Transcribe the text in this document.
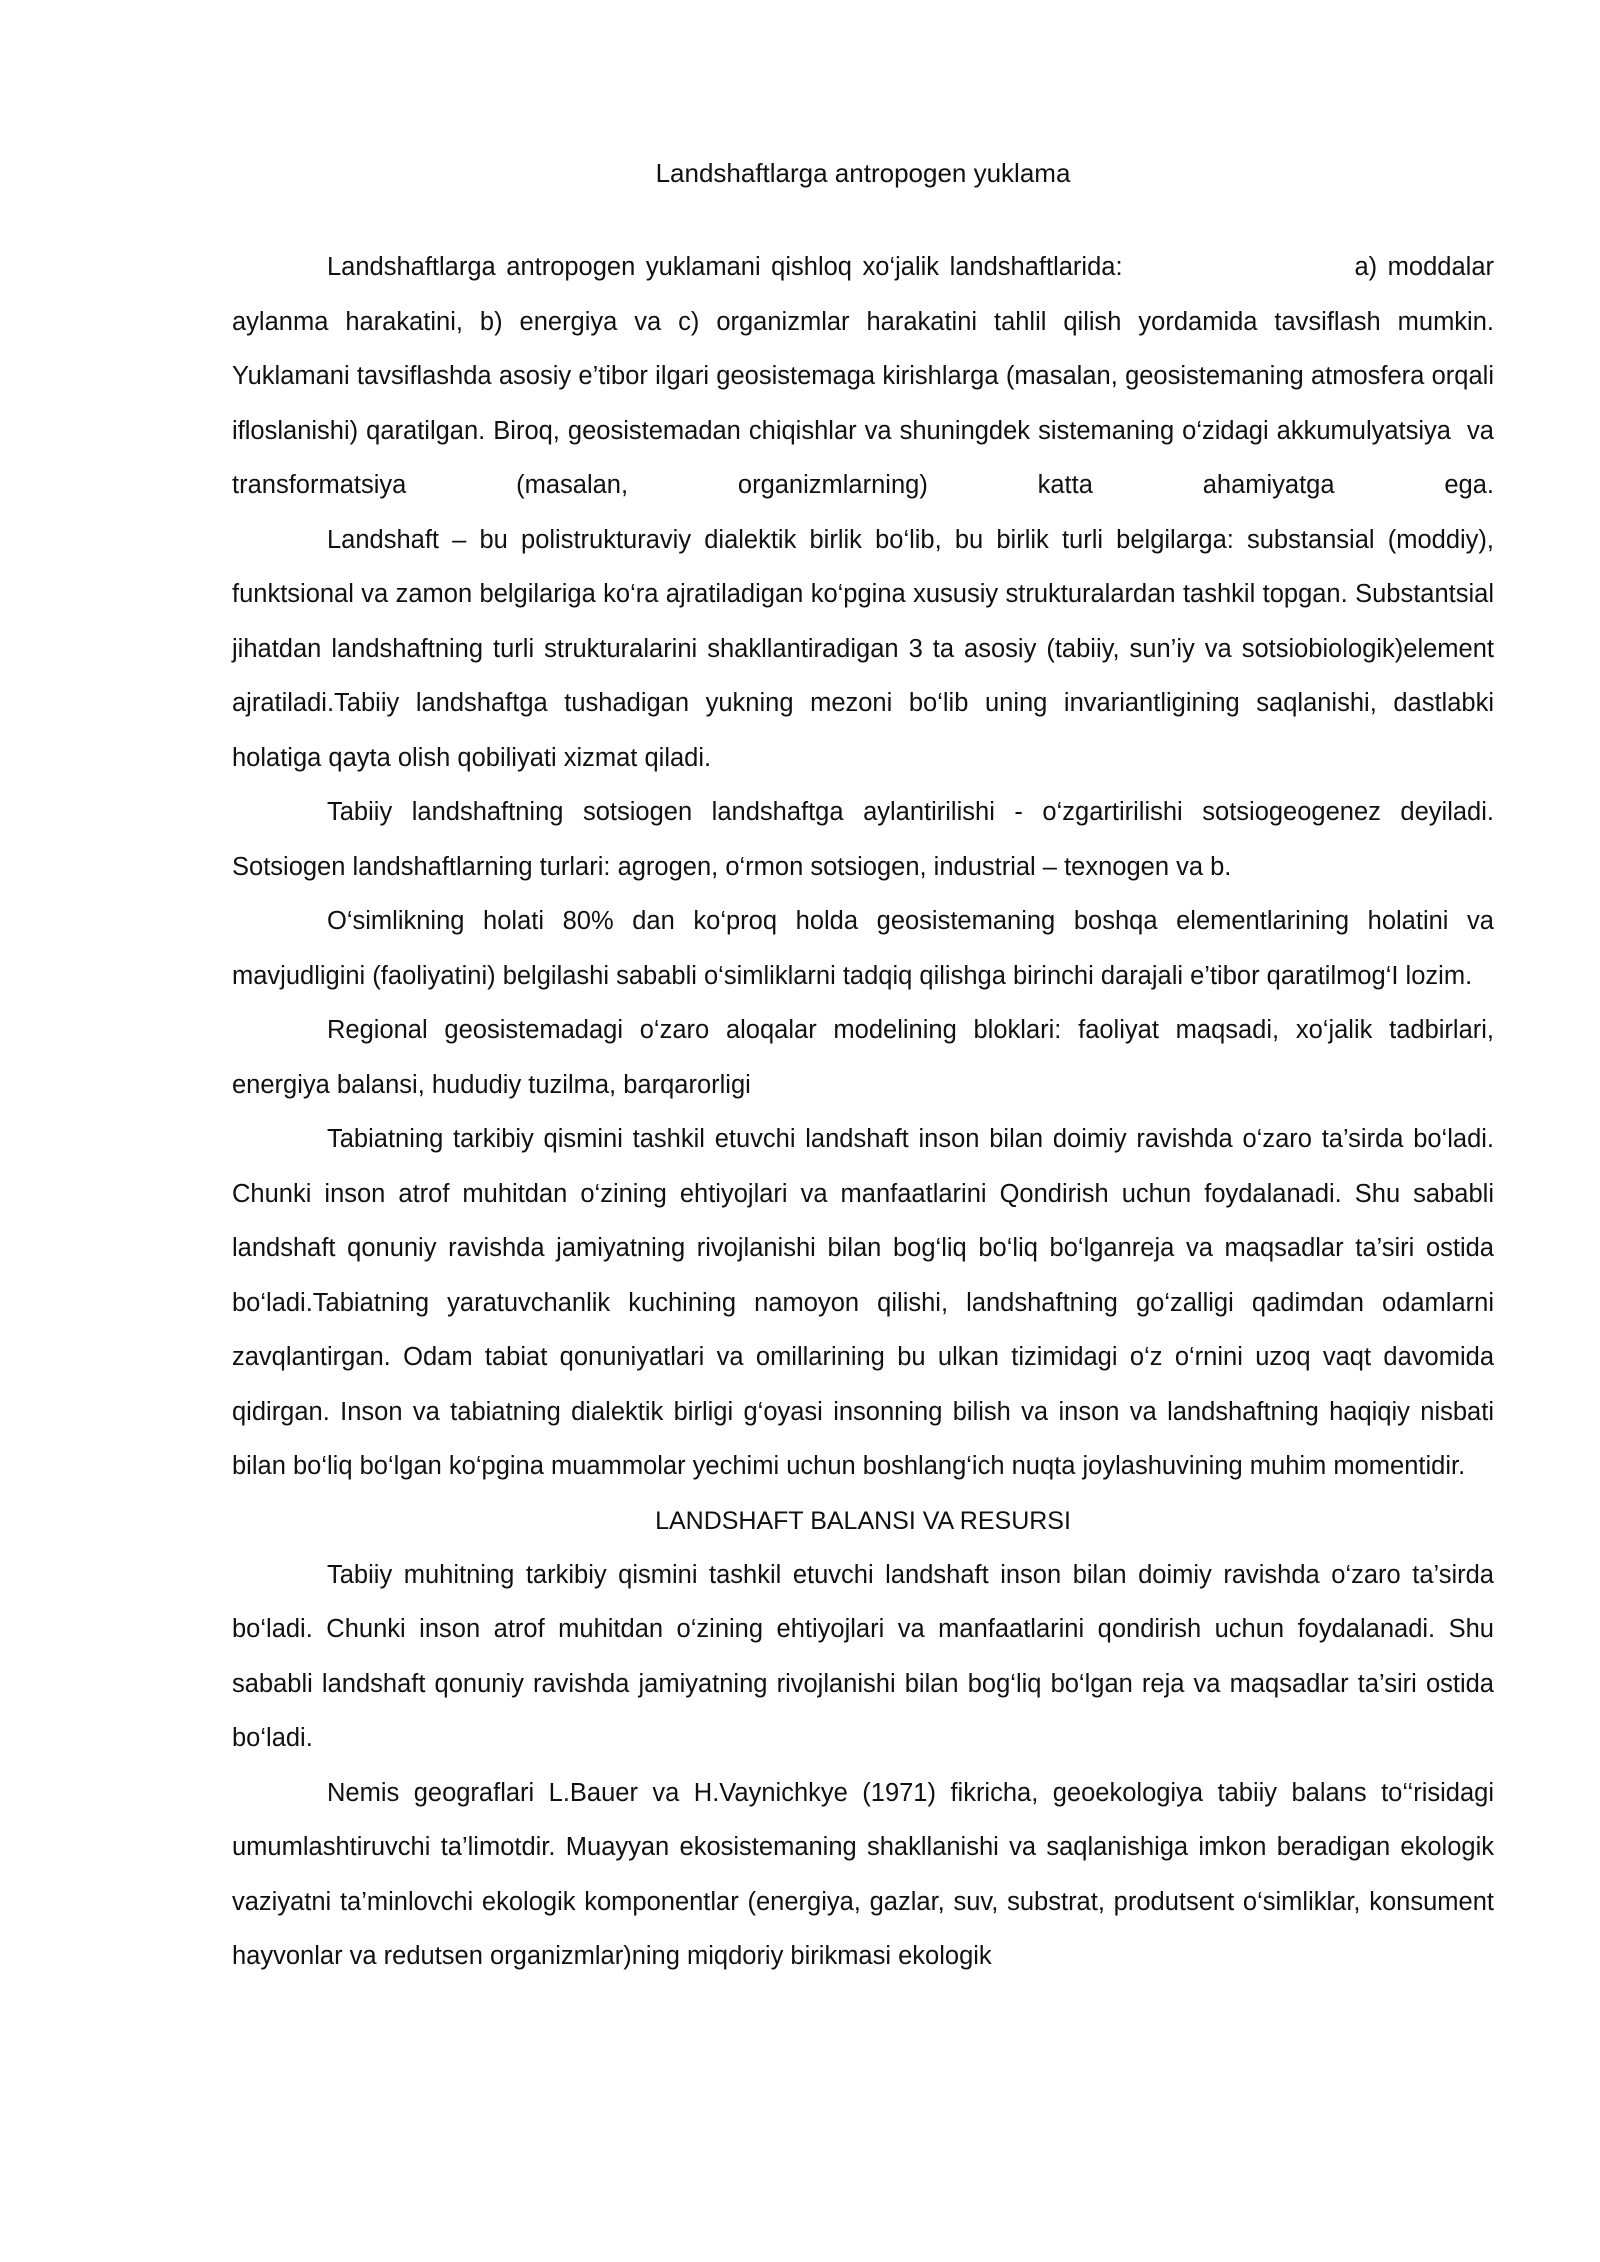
Landshaftlarga antropogen yuklama

Landshaftlarga antropogen yuklamani qishloq xo‘jalik landshaftlarida:                      a) moddalar aylanma harakatini, b) energiya va c) organizmlar harakatini tahlil qilish yordamida tavsiflash mumkin. Yuklamani tavsiflashda asosiy e’tibor ilgari geosistemaga kirishlarga (masalan, geosistemaning atmosfera orqali ifloslanishi) qaratilgan. Biroq, geosistemadan chiqishlar va shuningdek sistemaning o‘zidagi akkumulyatsiya  va transformatsiya (masalan, organizmlarning) katta ahamiyatga ega.

Landshaft – bu polistrukturaviy dialektik birlik bo‘lib, bu birlik turli belgilarga: substansial (moddiy), funktsional va zamon belgilariga ko‘ra ajratiladigan ko‘pgina xususiy strukturalardan tashkil topgan. Substantsial jihatdan landshaftning turli strukturalarini shakllantiradigan 3 ta asosiy (tabiiy, sun’iy va sotsiobiologik)element ajratiladi.Tabiiy landshaftga tushadigan yukning mezoni bo‘lib uning invariantligining saqlanishi, dastlabki holatiga qayta olish qobiliyati xizmat qiladi.

Tabiiy landshaftning sotsiogen landshaftga aylantirilishi - o‘zgartirilishi sotsiogeogenez deyiladi. Sotsiogen landshaftlarning turlari: agrogen, o‘rmon sotsiogen, industrial – texnogen va b.

O‘simlikning holati 80% dan ko‘proq holda geosistemaning boshqa elementlarining holatini va mavjudligini (faoliyatini) belgilashi sababli o‘simliklarni tadqiq qilishga birinchi darajali e’tibor qaratilmog‘I lozim.

Regional geosistemadagi o‘zaro aloqalar modelining bloklari: faoliyat maqsadi, xo‘jalik tadbirlari, energiya balansi, hududiy tuzilma, barqarorligi

Tabiatning tarkibiy qismini tashkil etuvchi landshaft inson bilan doimiy ravishda o‘zaro ta’sirda bo‘ladi. Chunki inson atrof muhitdan o‘zining ehtiyojlari va manfaatlarini Qondirish uchun foydalanadi. Shu sababli landshaft qonuniy ravishda jamiyatning rivojlanishi bilan bog‘liq bo‘liq bo‘lganreja va maqsadlar ta’siri ostida bo‘ladi.Tabiatning yaratuvchanlik kuchining namoyon qilishi, landshaftning go‘zalligi qadimdan odamlarni zavqlantirgan. Odam tabiat qonuniyatlari va omillarining bu ulkan tizimidagi o‘z o‘rnini uzoq vaqt davomida qidirgan. Inson va tabiatning dialektik birligi g‘oyasi insonning bilish va inson va landshaftning haqiqiy nisbati bilan bo‘liq bo‘lgan ko‘pgina muammolar yechimi uchun boshlang‘ich nuqta joylashuvining muhim momentidir.

LANDSHAFT BALANSI VA RESURSI

Tabiiy muhitning tarkibiy qismini tashkil etuvchi landshaft inson bilan doimiy ravishda o‘zaro ta’sirda bo‘ladi. Chunki inson atrof muhitdan o‘zining ehtiyojlari va manfaatlarini qondirish uchun foydalanadi. Shu sababli landshaft qonuniy ravishda jamiyatning rivojlanishi bilan bog‘liq bo‘lgan reja va maqsadlar ta’siri ostida bo‘ladi.

Nemis geograflari L.Bauer va H.Vaynichkye (1971) fikricha, geoekologiya tabiiy balans to‘‘risidagi umumlashtiruvchi ta’limotdir. Muayyan ekosistemaning shakllanishi va saqlanishiga imkon beradigan ekologik vaziyatni ta’minlovchi ekologik komponentlar (energiya, gazlar, suv, substrat, produtsent o‘simliklar, konsument hayvonlar va redutsen organizmlar)ning miqdoriy birikmasi ekologik
